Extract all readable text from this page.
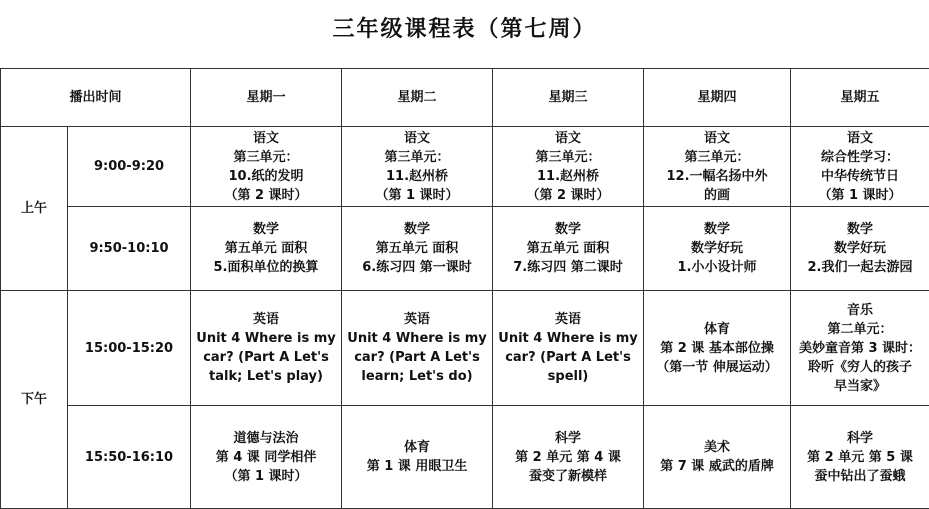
三年级课程表（第七周）
播出时间		星期一	星期二	星期三	星期四	星期五
上午	9:00-9:20	语文
第三单元：
10.纸的发明
（第 2 课时）	语文
第三单元：
11.赵州桥
（第 1 课时）	语文
第三单元：
11.赵州桥
（第 2 课时）	语文
第三单元：
12.一幅名扬中外
的画	语文
综合性学习：
中华传统节日
（第 1 课时）

	9:50-10:10	数学
第五单元 面积
5.面积单位的换算	数学
第五单元 面积
6.练习四 第一课时	数学
第五单元 面积
7.练习四 第二课时	数学
数学好玩
1.小小设计师	数学
数学好玩
2.我们一起去游园

下午	15:00-15:20	英语
Unit 4 Where is my
car? (Part A Let's
talk; Let's play)	英语
Unit 4 Where is my
car? (Part A Let's
learn; Let's do)	英语
Unit 4 Where is my
car? (Part A Let's
spell)	体育
第 2 课 基本部位操
（第一节 伸展运动）	音乐
第二单元：
美妙童音第 3 课时：
聆听《穷人的孩子
早当家》

	15:50-16:10	道德与法治
第 4 课 同学相伴
（第 1 课时）	体育
第 1 课 用眼卫生	科学
第 2 单元 第 4 课
蚕变了新模样	美术
第 7 课 威武的盾牌	科学
第 2 单元 第 5 课
蚕中钻出了蚕蛾
